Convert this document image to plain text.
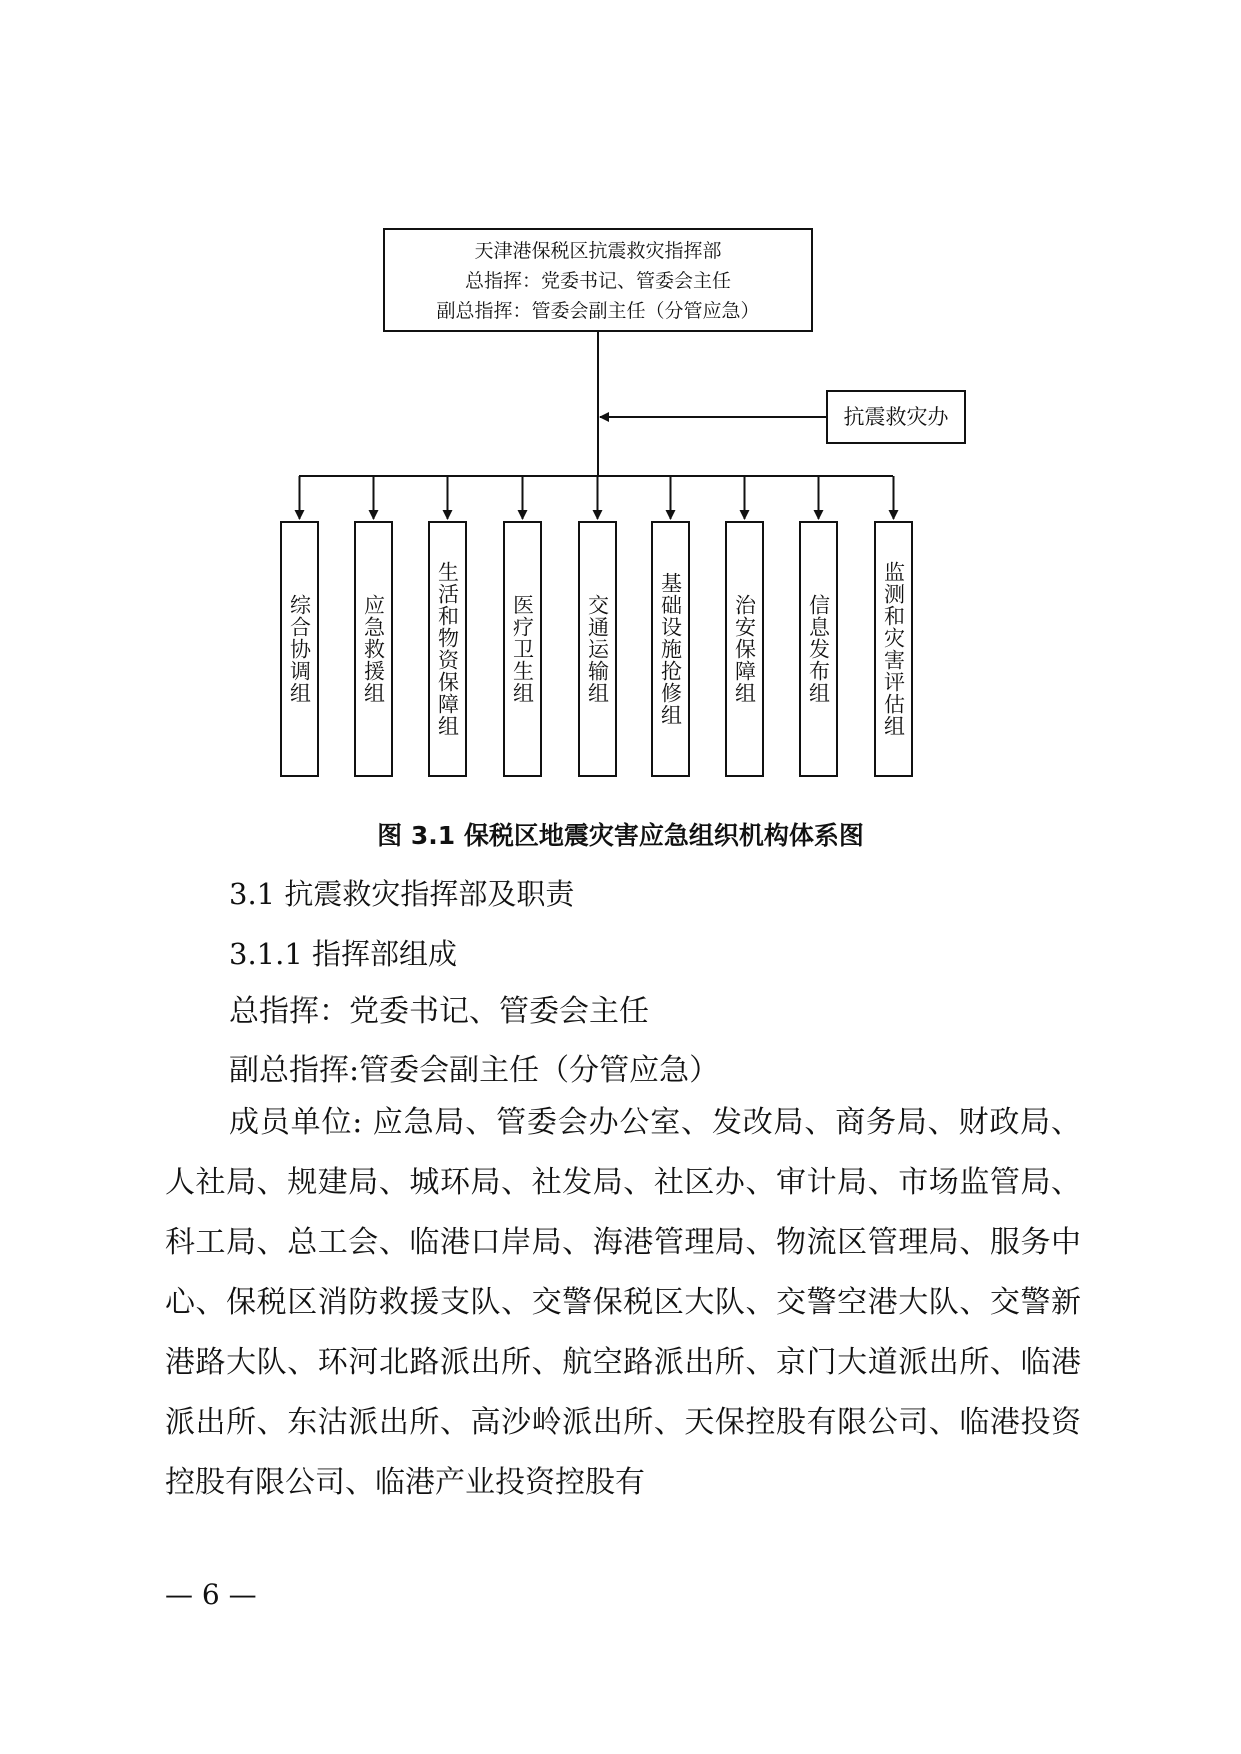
天津港保税区抗震救灾指挥部
总指挥：党委书记、管委会主任
副总指挥：管委会副主任（分管应急）
抗震救灾办
综合协调组 应急救援组 生活和物资保障组 医疗卫生组 交通运输组 基础设施抢修组 治安保障组 信息发布组 监测和灾害评估组
图 3.1 保税区地震灾害应急组织机构体系图
3.1 抗震救灾指挥部及职责
3.1.1 指挥部组成
总指挥：党委书记、管委会主任
副总指挥:管委会副主任（分管应急）
成员单位: 应急局、管委会办公室、发改局、商务局、财政局、人社局、规建局、城环局、社发局、社区办、审计局、市场监管局、科工局、总工会、临港口岸局、海港管理局、物流区管理局、服务中心、保税区消防救援支队、交警保税区大队、交警空港大队、交警新港路大队、环河北路派出所、航空路派出所、京门大道派出所、临港派出所、东沽派出所、高沙岭派出所、天保控股有限公司、临港投资控股有限公司、临港产业投资控股有
— 6 —
